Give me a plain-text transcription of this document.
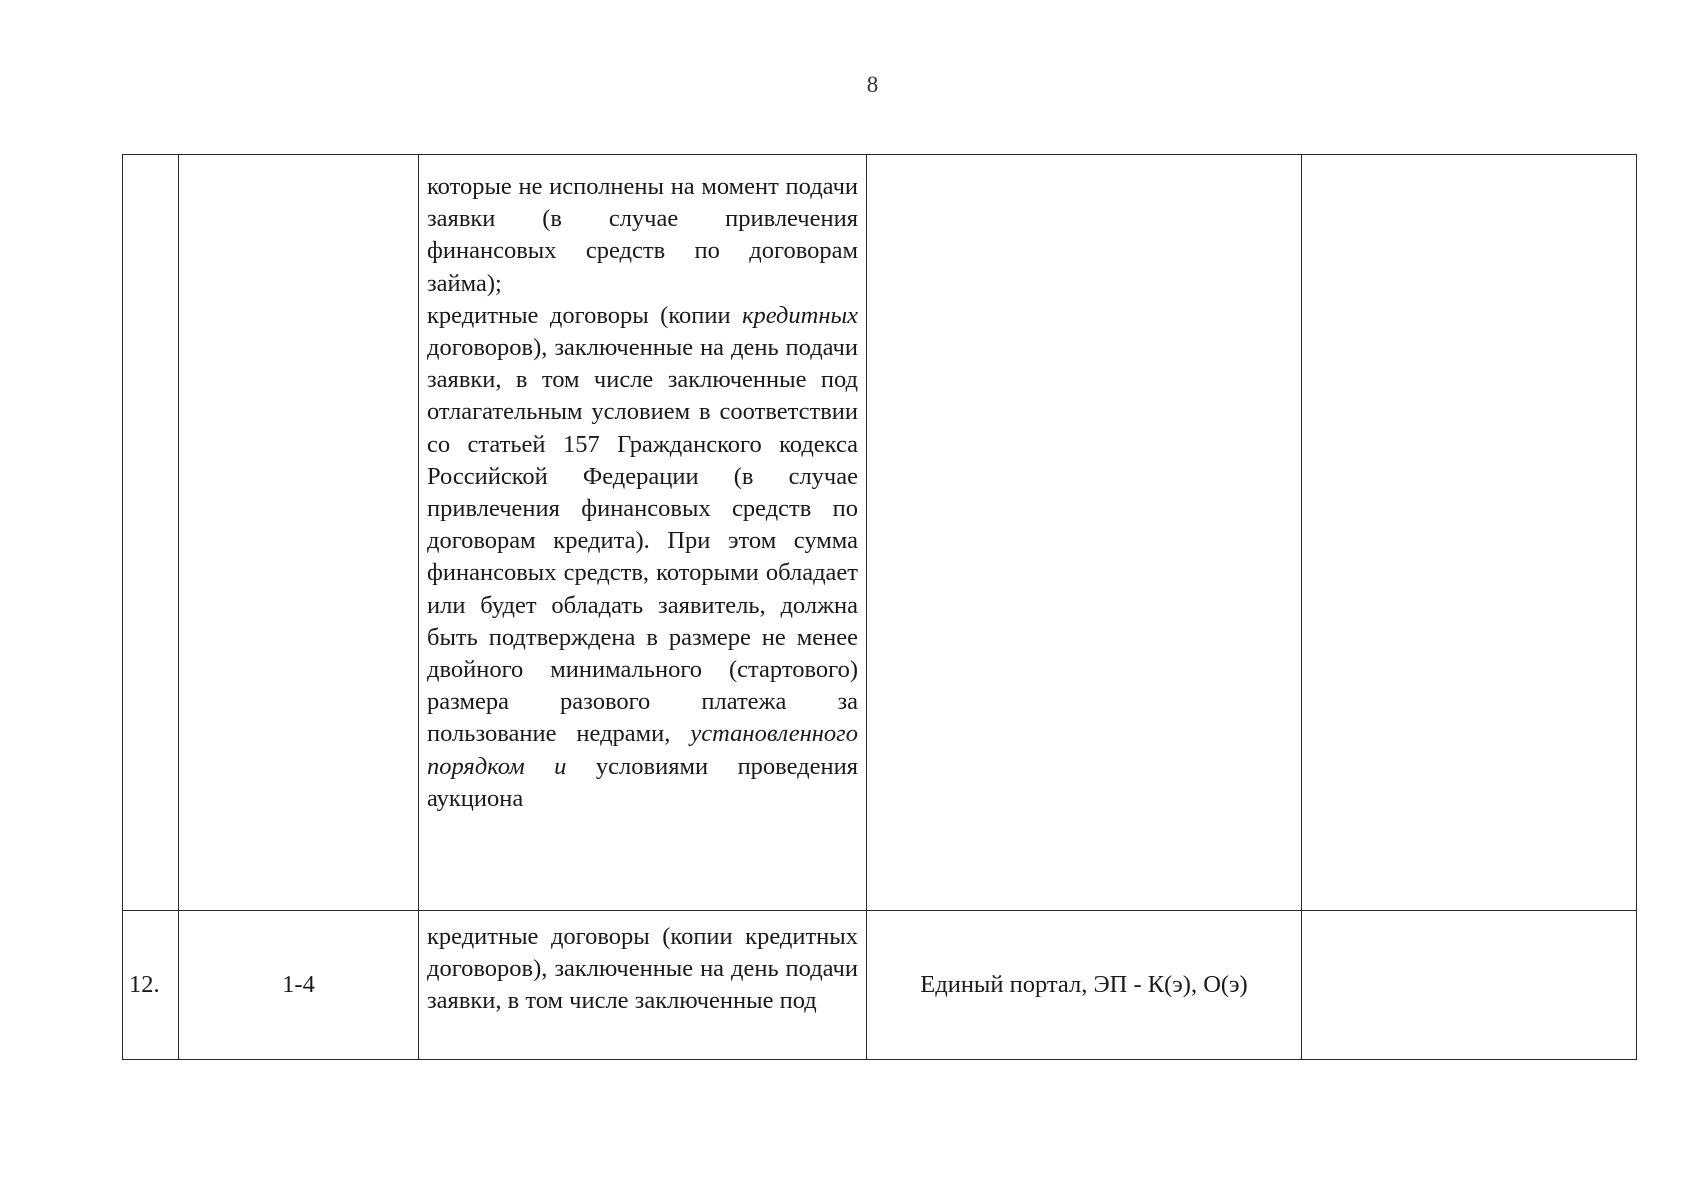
8

		которые не исполнены на момент подачи заявки (в случае привлечения финансовых средств по договорам займа);
кредитные договоры (копии кредитных договоров), заключенные на день подачи заявки, в том числе заключенные под отлагательным условием в соответствии со статьей 157 Гражданского кодекса Российской Федерации (в случае привлечения финансовых средств по договорам кредита). При этом сумма финансовых средств, которыми обладает или будет обладать заявитель, должна быть подтверждена в размере не менее двойного минимального (стартового) размера разового платежа за пользование недрами, установленного порядком и условиями проведения аукциона		

12.	1-4	кредитные договоры (копии кредитных договоров), заключенные на день подачи заявки, в том числе заключенные под	Единый портал, ЭП - К(э), О(э)	
